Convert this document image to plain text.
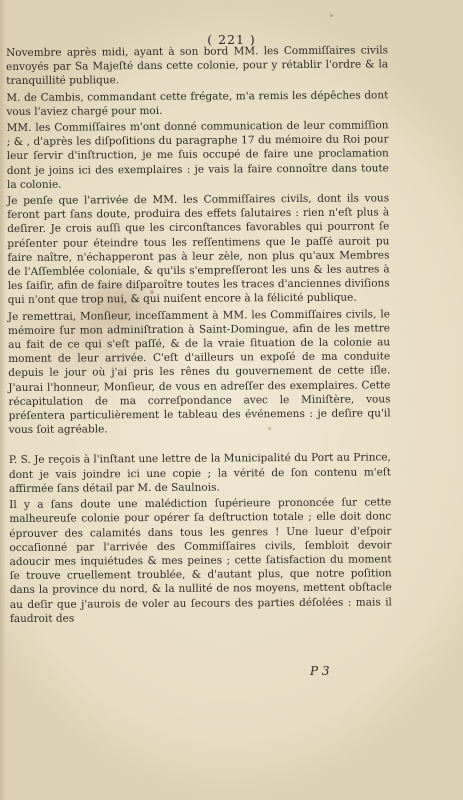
( 221 )

Novembre après midi, ayant à son bord MM. les Commiſſaires civils envoyés par Sa Majeſté dans cette colonie, pour y rétablir l'ordre & la tranquillité publique.

M. de Cambis, commandant cette frégate, m'a remis les dépêches dont vous l'aviez chargé pour moi.

MM. les Commiſſaires m'ont donné communication de leur commiſſion ; & , d'après les diſpoſitions du paragraphe 17 du mémoire du Roi pour leur ſervir d'inſtruction, je me ſuis occupé de faire une proclamation dont je joins ici des exemplaires : je vais la faire connoître dans toute la colonie.

Je penſe que l'arrivée de MM. les Commiſſaires civils, dont ils vous feront part ſans doute, produira des effets ſalutaires : rien n'eſt plus à deſirer. Je crois auſſi que les circonſtances favorables qui pourront ſe préſenter pour éteindre tous les reſſentimens que le paſſé auroit pu faire naître, n'échapperont pas à leur zèle, non plus qu'aux Membres de l'Aſſemblée coloniale, & qu'ils s'empreſſeront les uns & les autres à les ſaiſir, afin de faire diſparoître toutes les traces d'anciennes diviſions qui n'ont que trop nui, & qui nuiſent encore à la félicité publique.

Je remettrai, Monſieur, inceſſamment à MM. les Commiſſaires civils, le mémoire ſur mon adminiſtration à Saint-Domingue, afin de les mettre au fait de ce qui s'eſt paſſé, & de la vraie ſituation de la colonie au moment de leur arrivée. C'eſt d'ailleurs un expoſé de ma conduite depuis le jour où j'ai pris les rênes du gouvernement de cette iſle. J'aurai l'honneur, Monſieur, de vous en adreſſer des exemplaires. Cette récapitulation de ma correſpondance avec le Miniſtère, vous préſentera particulièrement le tableau des événemens : je deſire qu'il vous ſoit agréable.

P. S. Je reçois à l'inſtant une lettre de la Municipalité du Port au Prince, dont je vais joindre ici une copie ; la vérité de ſon contenu m'eſt affirmée ſans détail par M. de Saulnois.

Il y a ſans doute une malédiction ſupérieure prononcée ſur cette malheureuſe colonie pour opérer ſa deſtruction totale ; elle doit donc éprouver des calamités dans tous les genres ! Une lueur d'eſpoir occaſionné par l'arrivée des Commiſſaires civils, ſembloit devoir adoucir mes inquiétudes & mes peines ; cette ſatisfaction du moment ſe trouve cruellement troublée, & d'autant plus, que notre poſition dans la province du nord, & la nullité de nos moyens, mettent obſtacle au deſir que j'aurois de voler au ſecours des parties déſolées : mais il faudroit des

P 3
